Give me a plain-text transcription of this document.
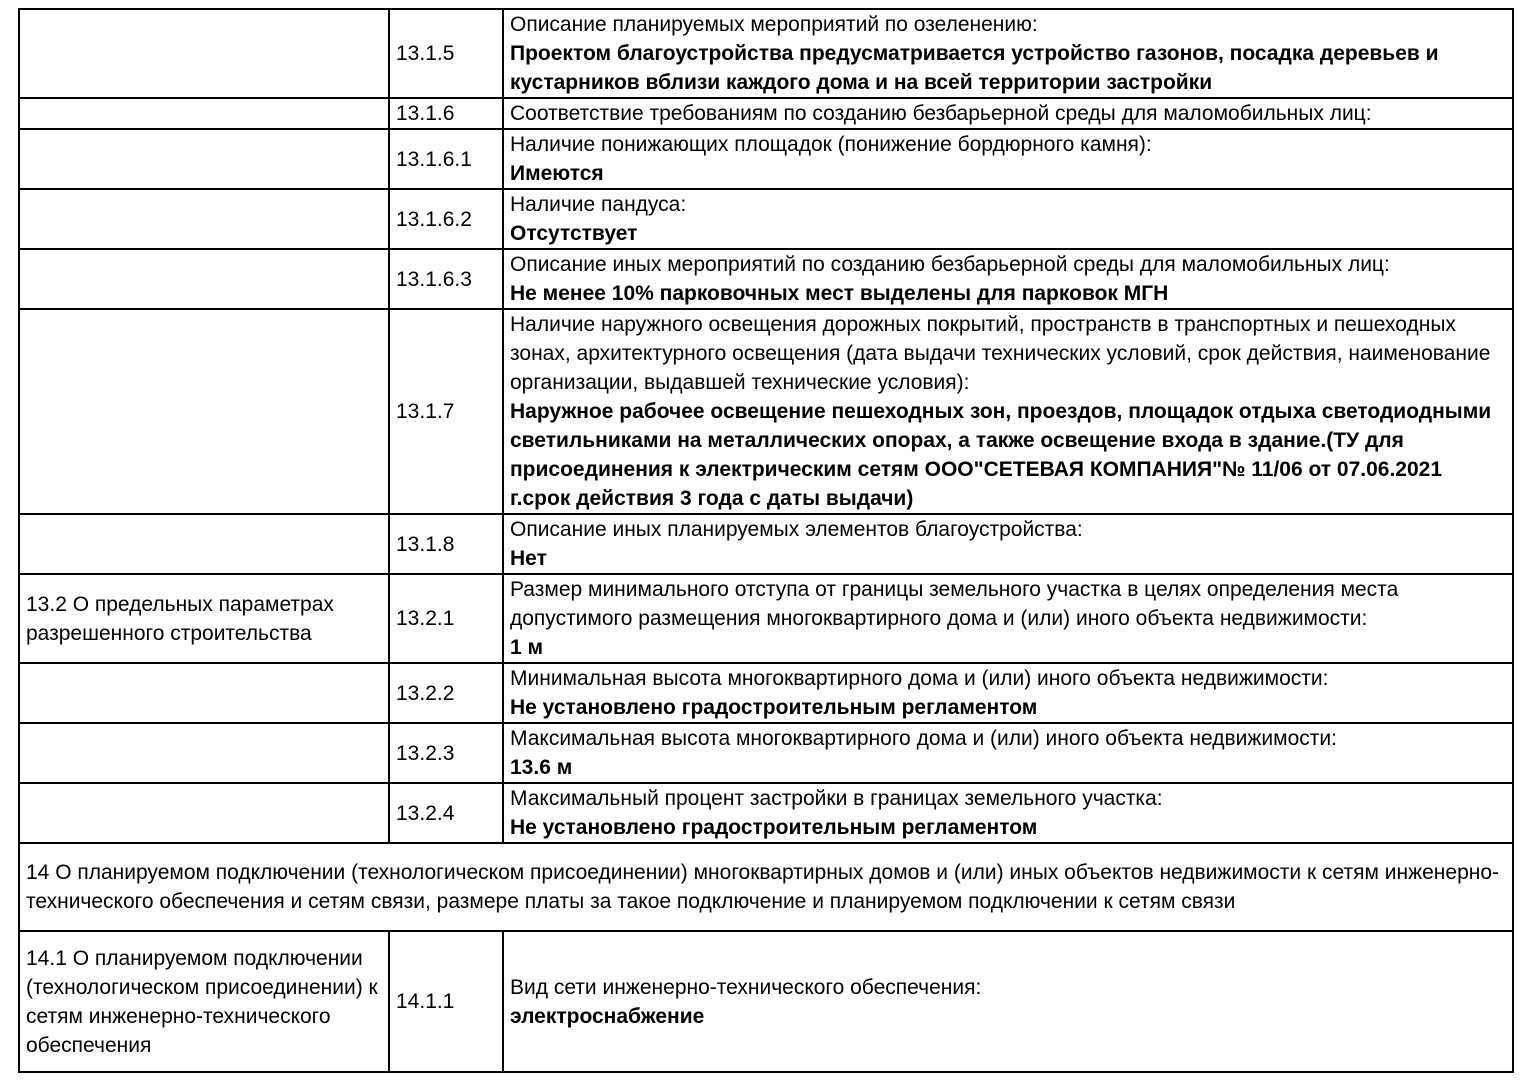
	13.1.5	Описание планируемых мероприятий по озеленению:
Проектом благоустройства предусматривается устройство газонов, посадка деревьев и кустарников вблизи каждого дома и на всей территории застройки

	13.1.6	Соответствие требованиям по созданию безбарьерной среды для маломобильных лиц:

	13.1.6.1	Наличие понижающих площадок (понижение бордюрного камня):
Имеются

	13.1.6.2	Наличие пандуса:
Отсутствует

	13.1.6.3	Описание иных мероприятий по созданию безбарьерной среды для маломобильных лиц:
Не менее 10% парковочных мест выделены для парковок МГН

	13.1.7	Наличие наружного освещения дорожных покрытий, пространств в транспортных и пешеходных зонах, архитектурного освещения (дата выдачи технических условий, срок действия, наименование организации, выдавшей технические условия):
Наружное рабочее освещение пешеходных зон, проездов, площадок отдыха светодиодными светильниками на металлических опорах, а также освещение входа в здание.(ТУ для присоединения к электрическим сетям ООО"СЕТЕВАЯ КОМПАНИЯ"№ 11/06 от 07.06.2021 г.срок действия 3 года с даты выдачи)

	13.1.8	Описание иных планируемых элементов благоустройства:
Нет

13.2 О предельных параметрах разрешенного строительства	13.2.1	Размер минимального отступа от границы земельного участка в целях определения места допустимого размещения многоквартирного дома и (или) иного объекта недвижимости:
1 м

	13.2.2	Минимальная высота многоквартирного дома и (или) иного объекта недвижимости:
Не установлено градостроительным регламентом

	13.2.3	Максимальная высота многоквартирного дома и (или) иного объекта недвижимости:
13.6 м

	13.2.4	Максимальный процент застройки в границах земельного участка:
Не установлено градостроительным регламентом

14 О планируемом подключении (технологическом присоединении) многоквартирных домов и (или) иных объектов недвижимости к сетям инженерно-технического обеспечения и сетям связи, размере платы за такое подключение и планируемом подключении к сетям связи		
14.1 О планируемом подключении (технологическом присоединении) к сетям инженерно-технического обеспечения	14.1.1	Вид сети инженерно-технического обеспечения:
электроснабжение
